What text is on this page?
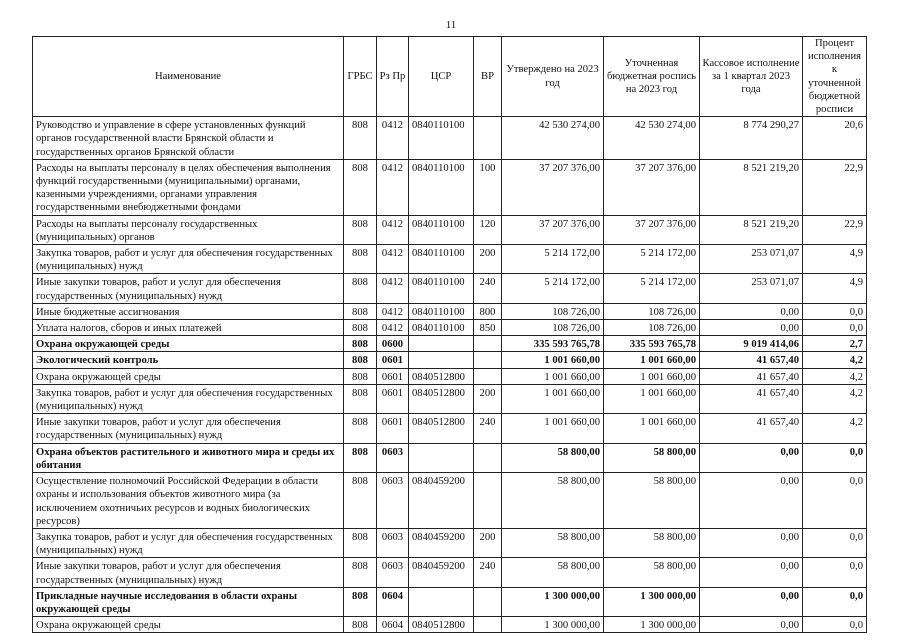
11
Наименование	ГРБС	Рз Пр	ЦСР	ВР	Утверждено на 2023 год	Уточненная бюджетная роспись на 2023 год	Кассовое исполнение за 1 квартал 2023 года	Процент исполнения к уточненной бюджетной росписи
Руководство и управление в сфере установленных функций органов государственной власти Брянской области и государственных органов Брянской области	808	0412	0840110100		42 530 274,00	42 530 274,00	8 774 290,27	20,6
Расходы на выплаты персоналу в целях обеспечения выполнения функций государственными (муниципальными) органами, казенными учреждениями, органами управления государственными внебюджетными фондами	808	0412	0840110100	100	37 207 376,00	37 207 376,00	8 521 219,20	22,9
Расходы на выплаты персоналу государственных (муниципальных) органов	808	0412	0840110100	120	37 207 376,00	37 207 376,00	8 521 219,20	22,9
Закупка товаров, работ и услуг для обеспечения государственных (муниципальных) нужд	808	0412	0840110100	200	5 214 172,00	5 214 172,00	253 071,07	4,9
Иные закупки товаров, работ и услуг для обеспечения государственных (муниципальных) нужд	808	0412	0840110100	240	5 214 172,00	5 214 172,00	253 071,07	4,9
Иные бюджетные ассигнования	808	0412	0840110100	800	108 726,00	108 726,00	0,00	0,0
Уплата налогов, сборов и иных платежей	808	0412	0840110100	850	108 726,00	108 726,00	0,00	0,0
Охрана окружающей среды	808	0600			335 593 765,78	335 593 765,78	9 019 414,06	2,7
Экологический контроль	808	0601			1 001 660,00	1 001 660,00	41 657,40	4,2
Охрана окружающей среды	808	0601	0840512800		1 001 660,00	1 001 660,00	41 657,40	4,2
Закупка товаров, работ и услуг для обеспечения государственных (муниципальных) нужд	808	0601	0840512800	200	1 001 660,00	1 001 660,00	41 657,40	4,2
Иные закупки товаров, работ и услуг для обеспечения государственных (муниципальных) нужд	808	0601	0840512800	240	1 001 660,00	1 001 660,00	41 657,40	4,2
Охрана объектов растительного и животного мира и среды их обитания	808	0603			58 800,00	58 800,00	0,00	0,0
Осуществление полномочий Российской Федерации в области охраны и использования объектов животного мира (за исключением охотничьих ресурсов и водных биологических ресурсов)	808	0603	0840459200		58 800,00	58 800,00	0,00	0,0
Закупка товаров, работ и услуг для обеспечения государственных (муниципальных) нужд	808	0603	0840459200	200	58 800,00	58 800,00	0,00	0,0
Иные закупки товаров, работ и услуг для обеспечения государственных (муниципальных) нужд	808	0603	0840459200	240	58 800,00	58 800,00	0,00	0,0
Прикладные научные исследования в области охраны окружающей среды	808	0604			1 300 000,00	1 300 000,00	0,00	0,0
Охрана окружающей среды	808	0604	0840512800		1 300 000,00	1 300 000,00	0,00	0,0
